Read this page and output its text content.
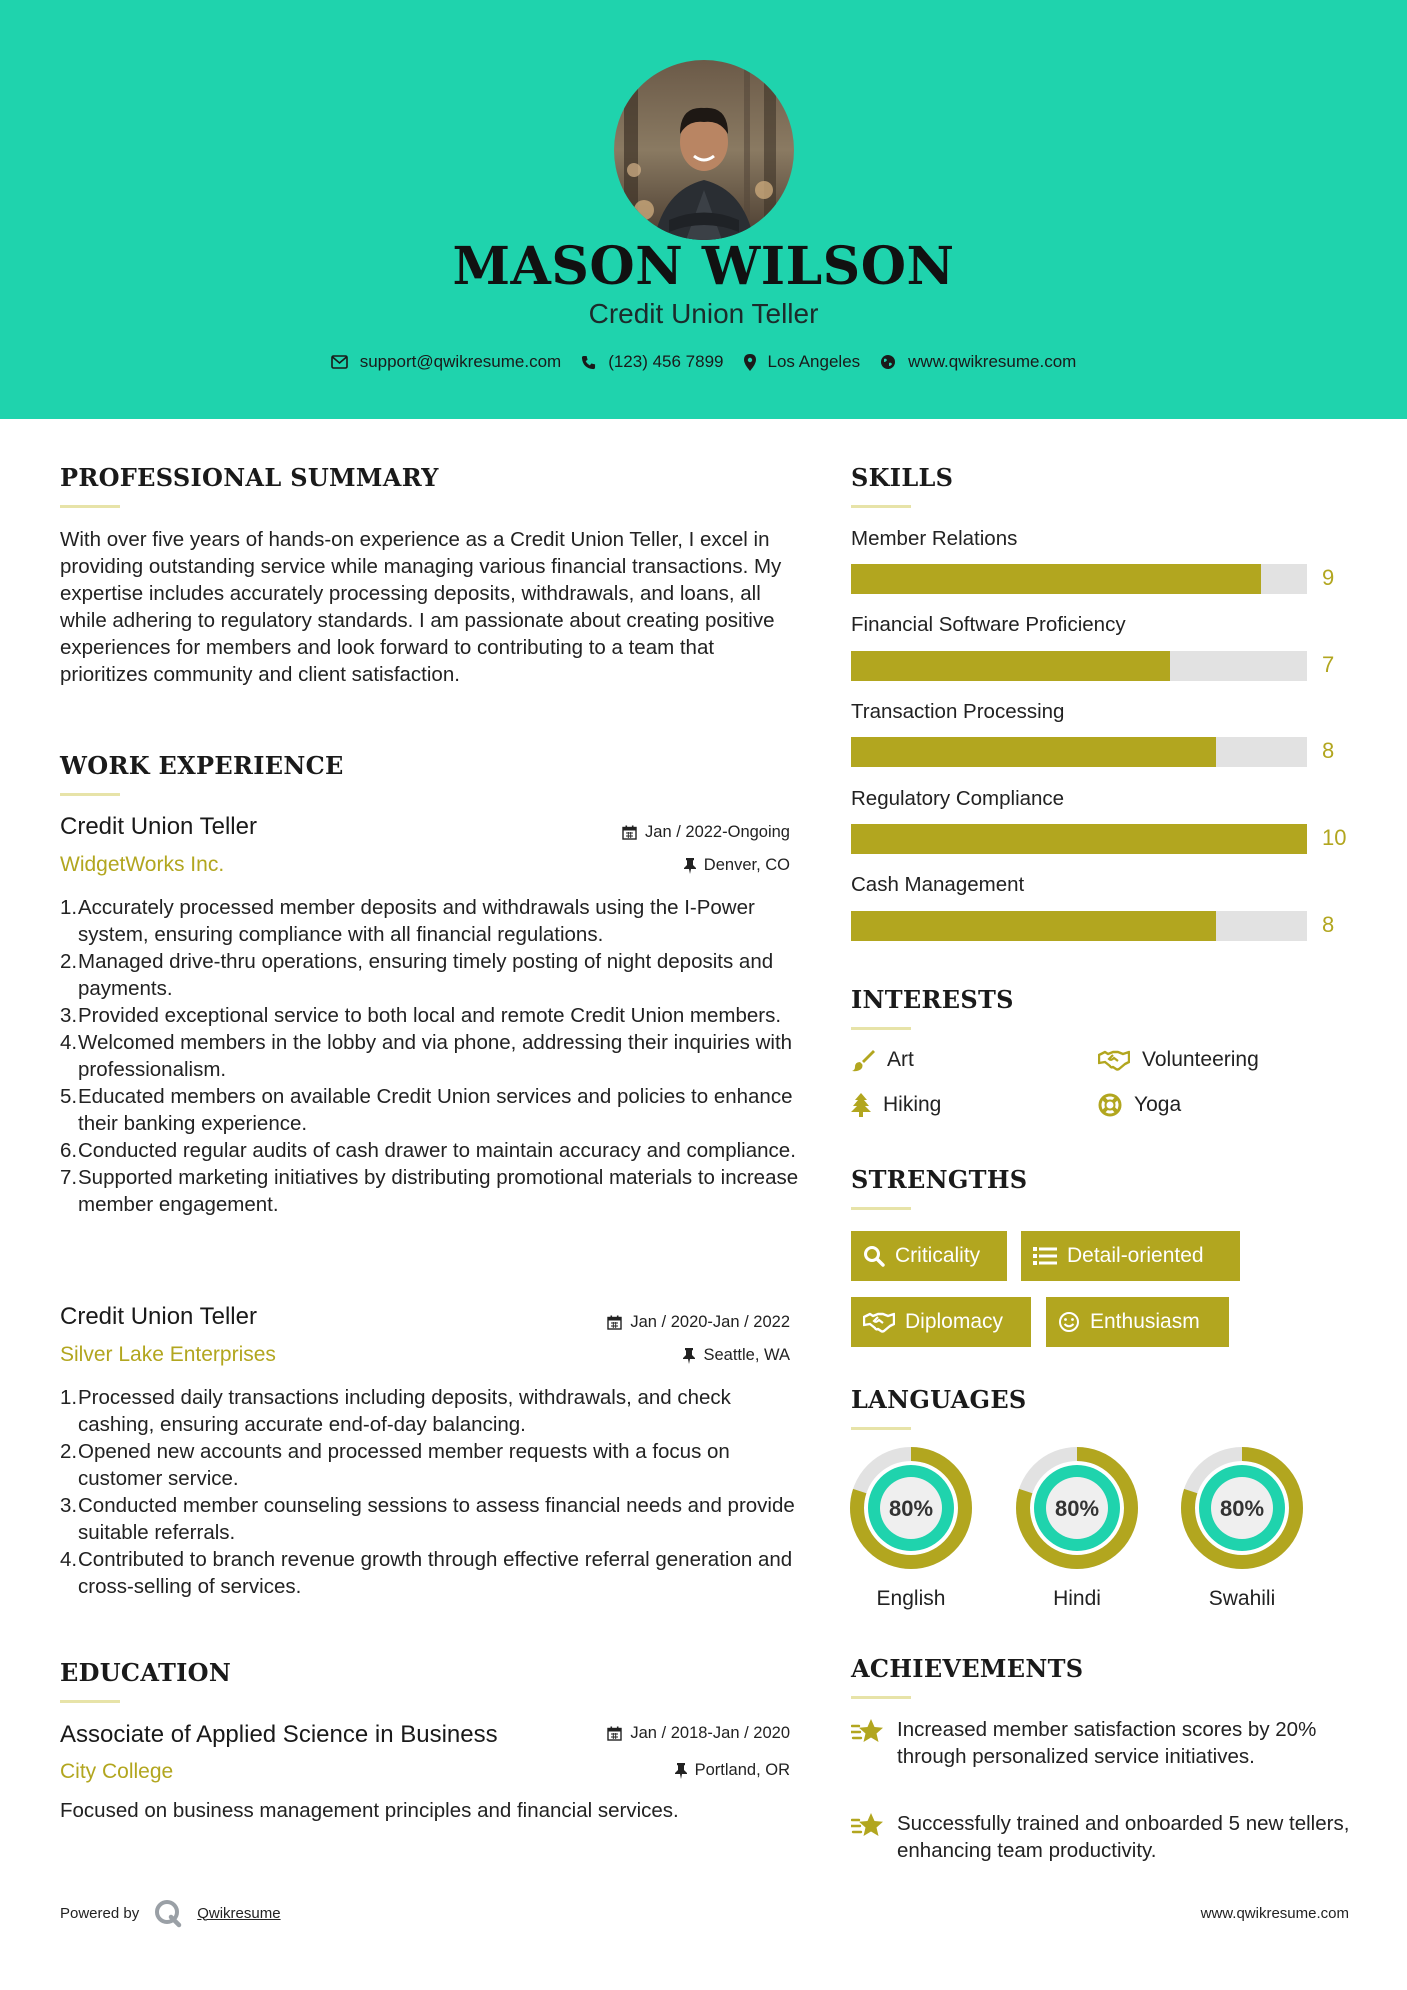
MASON WILSON
Credit Union Teller
support@qwikresume.com	(123) 456 7899	Los Angeles	www.qwikresume.com
PROFESSIONAL SUMMARY
With over five years of hands-on experience as a Credit Union Teller, I excel in providing outstanding service while managing various financial transactions. My expertise includes accurately processing deposits, withdrawals, and loans, all while adhering to regulatory standards. I am passionate about creating positive experiences for members and look forward to contributing to a team that prioritizes community and client satisfaction.
WORK EXPERIENCE
Credit Union Teller	Jan / 2022-Ongoing
WidgetWorks Inc.	Denver, CO
1. Accurately processed member deposits and withdrawals using the I-Power system, ensuring compliance with all financial regulations.
2. Managed drive-thru operations, ensuring timely posting of night deposits and payments.
3. Provided exceptional service to both local and remote Credit Union members.
4. Welcomed members in the lobby and via phone, addressing their inquiries with professionalism.
5. Educated members on available Credit Union services and policies to enhance their banking experience.
6. Conducted regular audits of cash drawer to maintain accuracy and compliance.
7. Supported marketing initiatives by distributing promotional materials to increase member engagement.
Credit Union Teller	Jan / 2020-Jan / 2022
Silver Lake Enterprises	Seattle, WA
1. Processed daily transactions including deposits, withdrawals, and check cashing, ensuring accurate end-of-day balancing.
2. Opened new accounts and processed member requests with a focus on customer service.
3. Conducted member counseling sessions to assess financial needs and provide suitable referrals.
4. Contributed to branch revenue growth through effective referral generation and cross-selling of services.
EDUCATION
Associate of Applied Science in Business	Jan / 2018-Jan / 2020
City College	Portland, OR
Focused on business management principles and financial services.
SKILLS
Member Relations
9
Financial Software Proficiency
7
Transaction Processing
8
Regulatory Compliance
10
Cash Management
8
INTERESTS
Art	Volunteering
Hiking	Yoga
STRENGTHS
Criticality	Detail-oriented
Diplomacy	Enthusiasm
LANGUAGES
80%
English
80%
Hindi
80%
Swahili
ACHIEVEMENTS
Increased member satisfaction scores by 20% through personalized service initiatives.
Successfully trained and onboarded 5 new tellers, enhancing team productivity.
Powered by	Qwikresume	www.qwikresume.com
